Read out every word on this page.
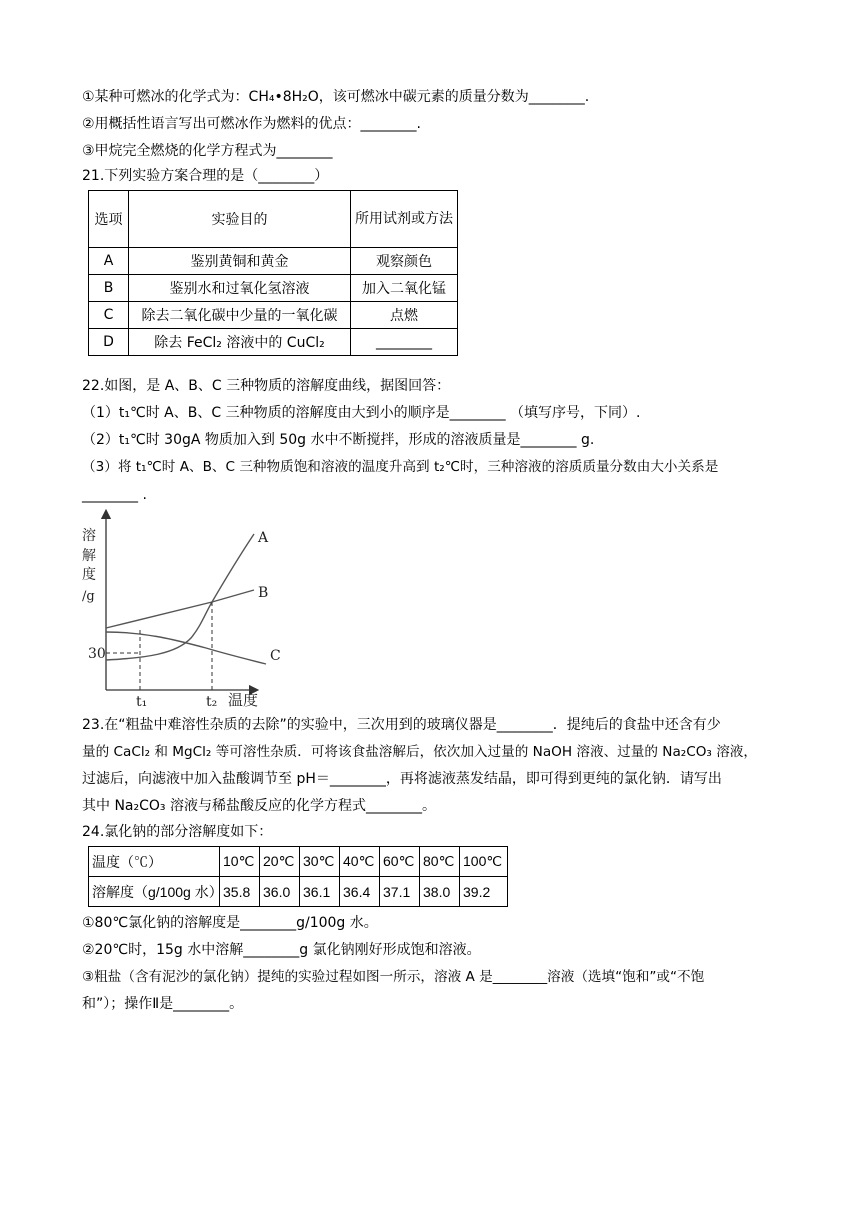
①某种可燃冰的化学式为：CH₄•8H₂O，该可燃冰中碳元素的质量分数为________.
②用概括性语言写出可燃冰作为燃料的优点：________.
③甲烷完全燃烧的化学方程式为________
21.下列实验方案合理的是（________）
选项	实验目的	所用试剂或方法
A	鉴别黄铜和黄金	观察颜色
B	鉴别水和过氧化氢溶液	加入二氧化锰
C	除去二氧化碳中少量的一氧化碳	点燃
D	除去 FeCl₂ 溶液中的 CuCl₂	________
22.如图，是 A、B、C 三种物质的溶解度曲线，据图回答：
（1）t₁℃时 A、B、C 三种物质的溶解度由大到小的顺序是________ （填写序号，下同）.
（2）t₁℃时 30gA 物质加入到 50g 水中不断搅拌，形成的溶液质量是________ g.
（3）将 t₁℃时 A、B、C 三种物质饱和溶液的温度升高到 t₂℃时，三种溶液的溶质质量分数由大小关系是
________ .
溶
解
度
/g
30
t₁	t₂ 温度
A
B
C
23.在“粗盐中难溶性杂质的去除”的实验中，三次用到的玻璃仪器是________．提纯后的食盐中还含有少
量的 CaCl₂ 和 MgCl₂ 等可溶性杂质．可将该食盐溶解后，依次加入过量的 NaOH 溶液、过量的 Na₂CO₃ 溶液，
过滤后，向滤液中加入盐酸调节至 pH＝________，再将滤液蒸发结晶，即可得到更纯的氯化钠．请写出
其中 Na₂CO₃ 溶液与稀盐酸反应的化学方程式________。
24.氯化钠的部分溶解度如下：
温度（℃）	10℃	20℃	30℃	40℃	60℃	80℃	100℃
溶解度（g/100g 水）	35.8	36.0	36.1	36.4	37.1	38.0	39.2
①80℃氯化钠的溶解度是________g/100g 水。
②20℃时，15g 水中溶解________g 氯化钠刚好形成饱和溶液。
③粗盐（含有泥沙的氯化钠）提纯的实验过程如图一所示，溶液 A 是________溶液（选填“饱和”或“不饱
和”）；操作Ⅱ是________。
